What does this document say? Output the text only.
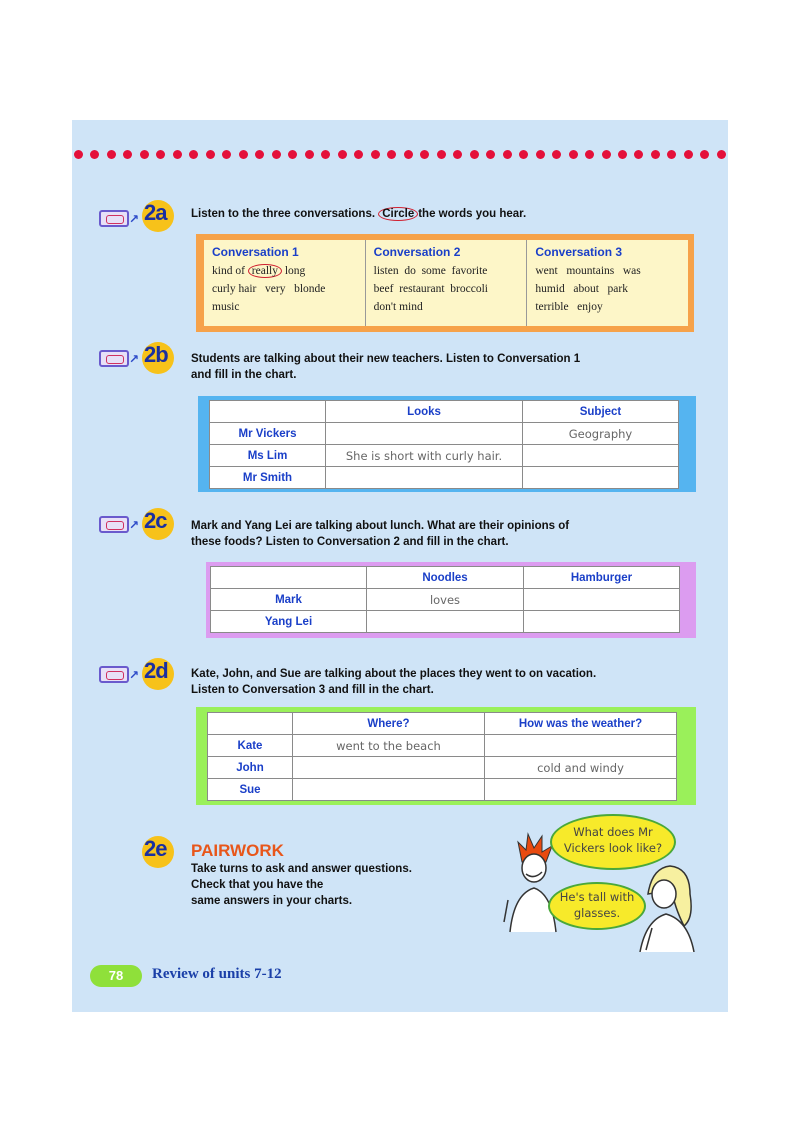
↗ 2a Listen to the three conversations. Circle the words you hear.
Conversation 1
kind of really long
curly hair   very   blonde
music
Conversation 2
listen  do  some  favorite
beef  restaurant  broccoli
don't mind
Conversation 3
went   mountains   was
humid   about   park
terrible   enjoy
↗ 2b Students are talking about their new teachers. Listen to Conversation 1
and fill in the chart.
	Looks	Subject
Mr Vickers		Geography
Ms Lim	She is short with curly hair.	
Mr Smith		
↗ 2c Mark and Yang Lei are talking about lunch. What are their opinions of
these foods? Listen to Conversation 2 and fill in the chart.
	Noodles	Hamburger
Mark	loves	
Yang Lei		
↗ 2d Kate, John, and Sue are talking about the places they went to on vacation.
Listen to Conversation 3 and fill in the chart.
	Where?	How was the weather?
Kate	went to the beach	
John		cold and windy
Sue		
2e PAIRWORK
Take turns to ask and answer questions.
Check that you have the
same answers in your charts.
What does Mr
Vickers look like?
He's tall with
glasses.
78	Review of units 7-12
